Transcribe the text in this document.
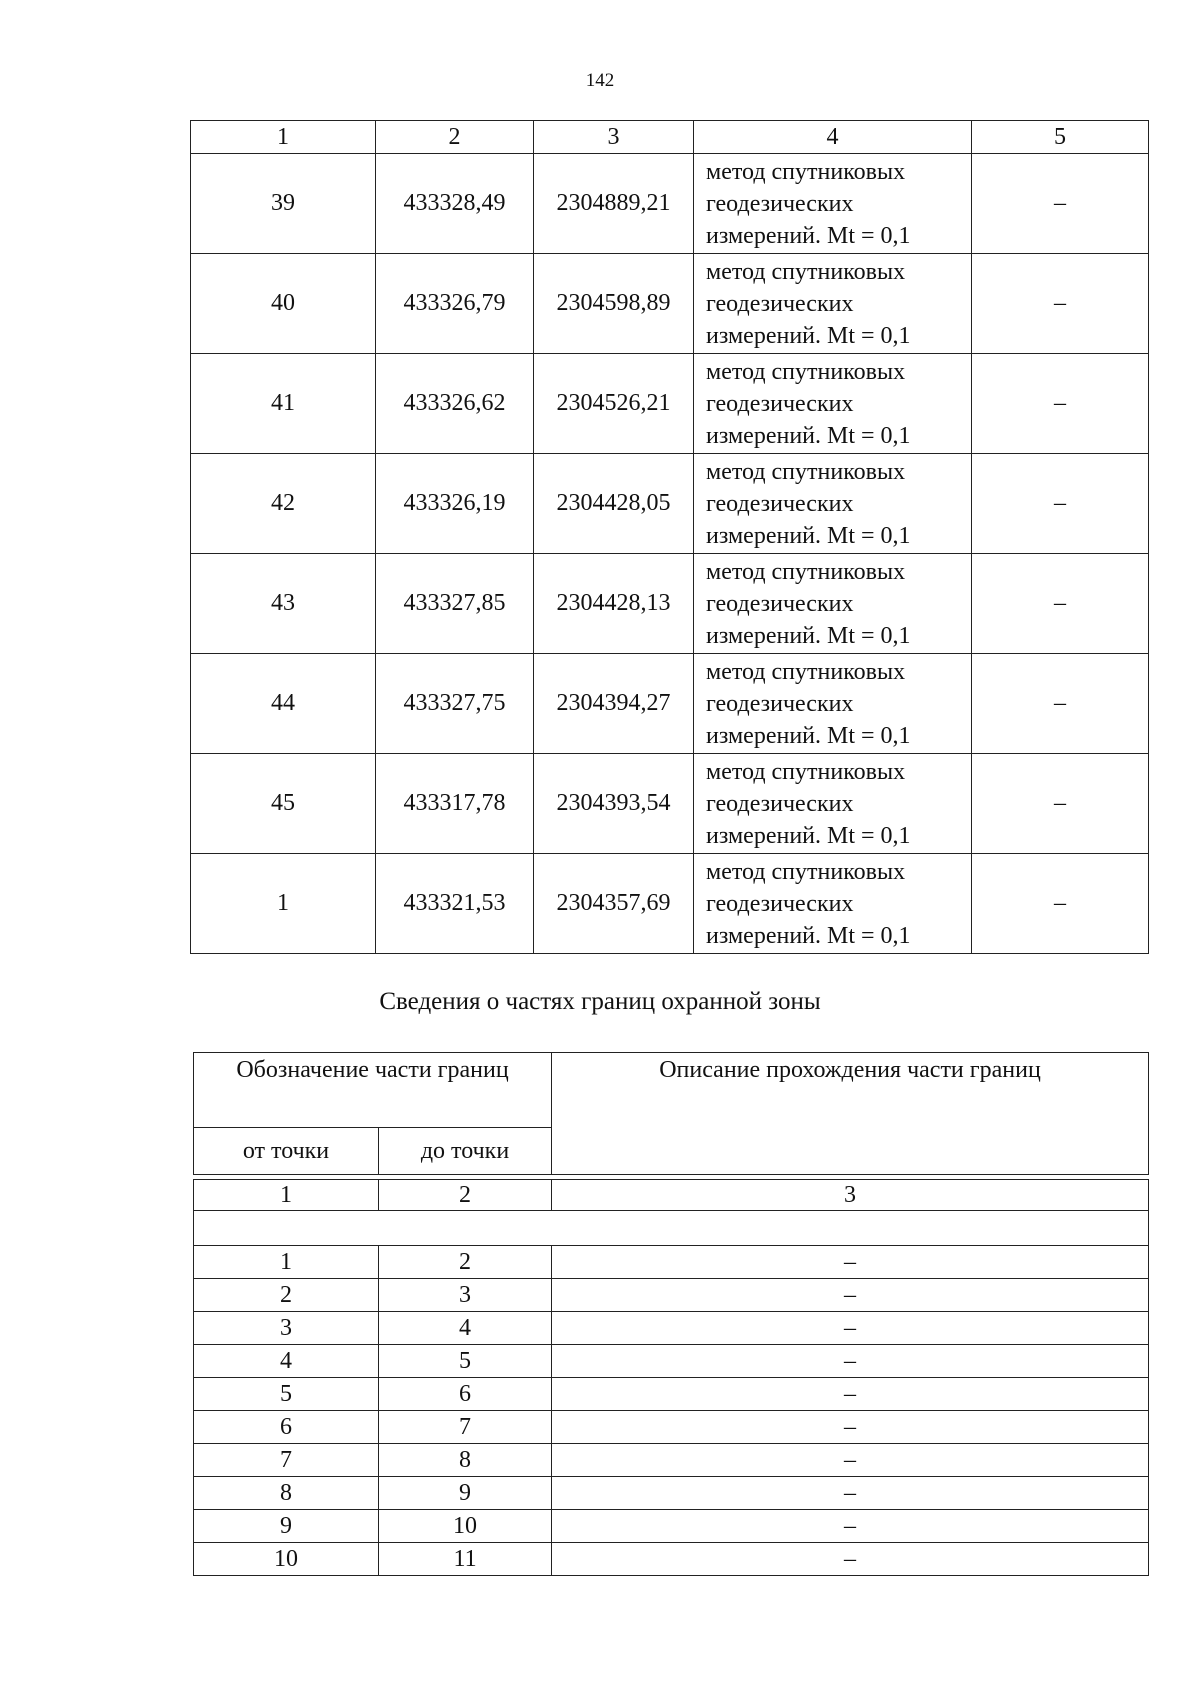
142
1	2	3	4	5
39	433328,49	2304889,21	метод спутниковых
геодезических
измерений. Mt = 0,1	–
40	433326,79	2304598,89	метод спутниковых
геодезических
измерений. Mt = 0,1	–
41	433326,62	2304526,21	метод спутниковых
геодезических
измерений. Mt = 0,1	–
42	433326,19	2304428,05	метод спутниковых
геодезических
измерений. Mt = 0,1	–
43	433327,85	2304428,13	метод спутниковых
геодезических
измерений. Mt = 0,1	–
44	433327,75	2304394,27	метод спутниковых
геодезических
измерений. Mt = 0,1	–
45	433317,78	2304393,54	метод спутниковых
геодезических
измерений. Mt = 0,1	–
1	433321,53	2304357,69	метод спутниковых
геодезических
измерений. Mt = 0,1	–
Сведения о частях границ охранной зоны
Обозначение части границ		Описание прохождения части границ
от точки	до точки	

1	2	3

1	2	–
2	3	–
3	4	–
4	5	–
5	6	–
6	7	–
7	8	–
8	9	–
9	10	–
10	11	–
